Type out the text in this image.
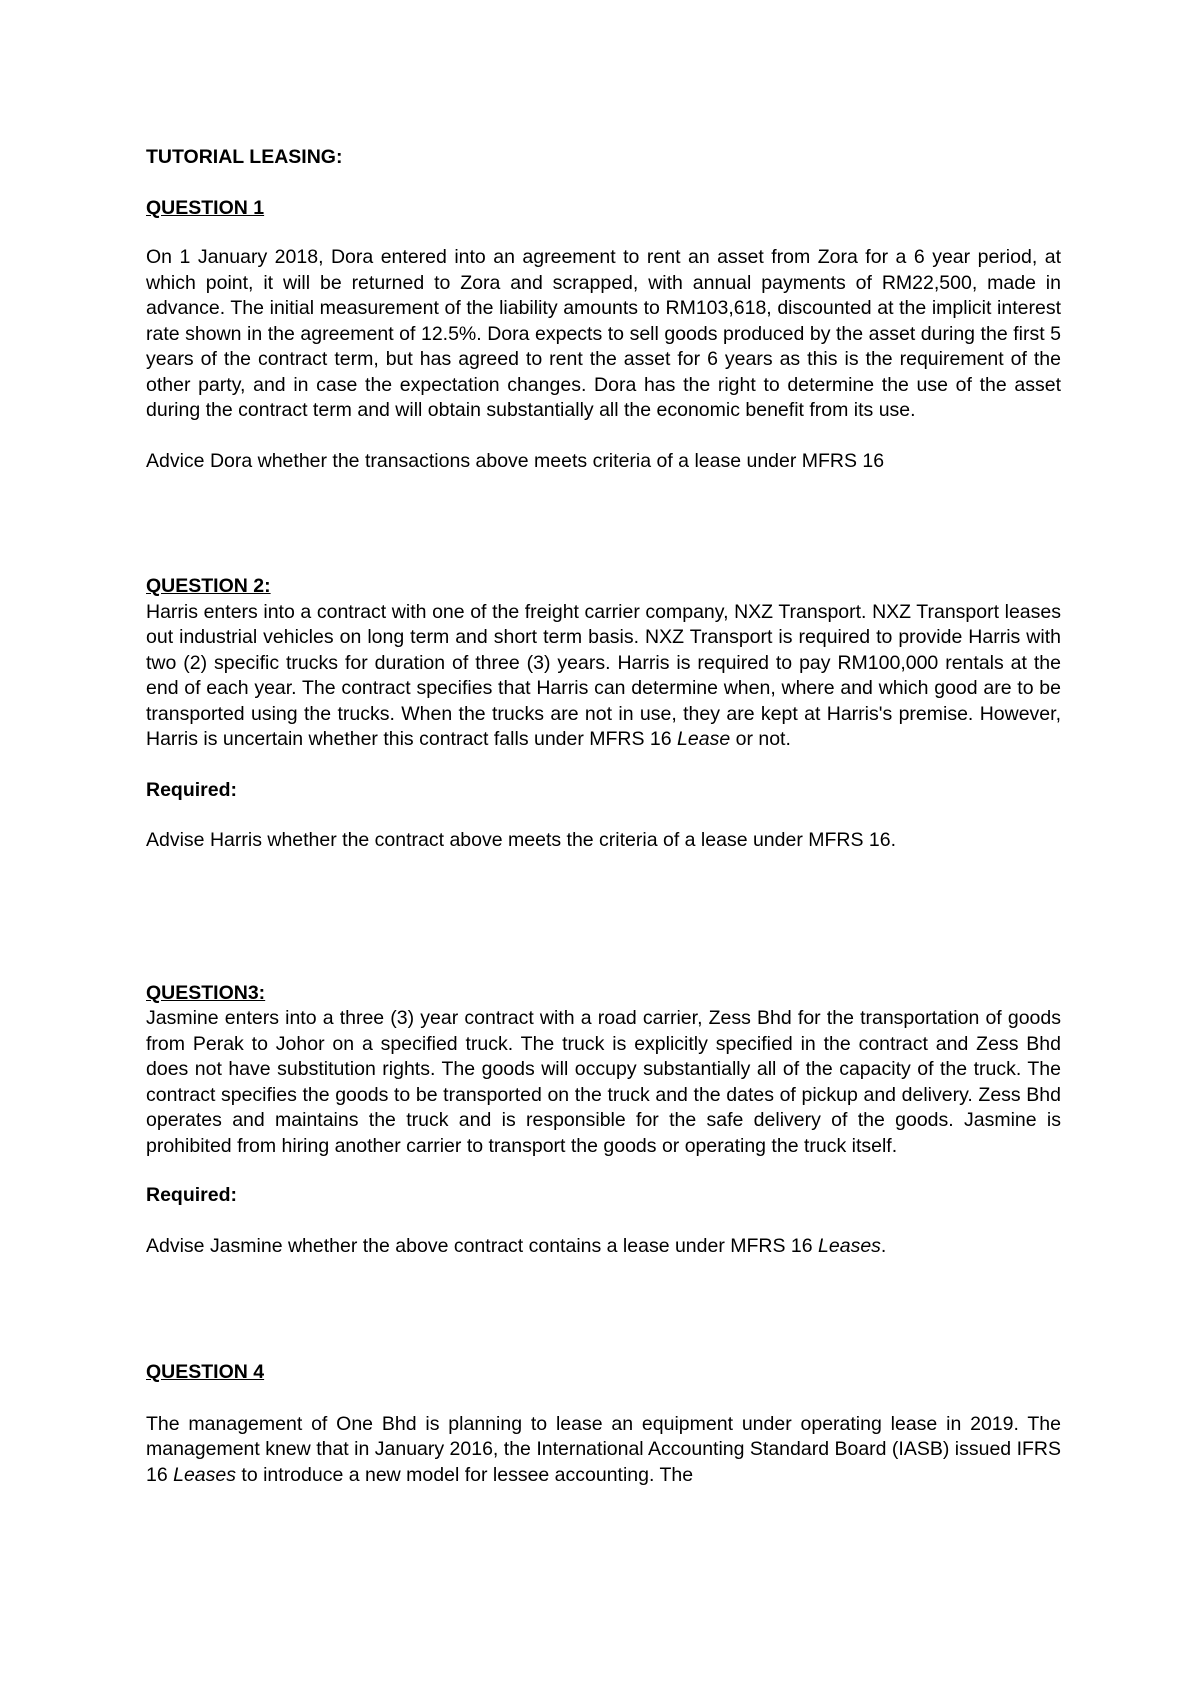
TUTORIAL LEASING:

QUESTION 1

On 1 January 2018, Dora entered into an agreement to rent an asset from Zora for a 6 year period, at which point, it will be returned to Zora and scrapped, with annual payments of RM22,500, made in advance. The initial measurement of the liability amounts to RM103,618, discounted at the implicit interest rate shown in the agreement of 12.5%. Dora expects to sell goods produced by the asset during the first 5 years of the contract term, but has agreed to rent the asset for 6 years as this is the requirement of the other party, and in case the expectation changes. Dora has the right to determine the use of the asset during the contract term and will obtain substantially all the economic benefit from its use.

Advice Dora whether the transactions above meets criteria of a lease under MFRS 16

QUESTION 2:

Harris enters into a contract with one of the freight carrier company, NXZ Transport. NXZ Transport leases out industrial vehicles on long term and short term basis. NXZ Transport is required to provide Harris with two (2) specific trucks for duration of three (3) years. Harris is required to pay RM100,000 rentals at the end of each year. The contract specifies that Harris can determine when, where and which good are to be transported using the trucks. When the trucks are not in use, they are kept at Harris's premise. However, Harris is uncertain whether this contract falls under MFRS 16 Lease or not.

Required:

Advise Harris whether the contract above meets the criteria of a lease under MFRS 16.

QUESTION3:

Jasmine enters into a three (3) year contract with a road carrier, Zess Bhd for the transportation of goods from Perak to Johor on a specified truck. The truck is explicitly specified in the contract and Zess Bhd does not have substitution rights. The goods will occupy substantially all of the capacity of the truck. The contract specifies the goods to be transported on the truck and the dates of pickup and delivery. Zess Bhd operates and maintains the truck and is responsible for the safe delivery of the goods. Jasmine is prohibited from hiring another carrier to transport the goods or operating the truck itself.

Required:

Advise Jasmine whether the above contract contains a lease under MFRS 16 Leases.

QUESTION 4

The management of One Bhd is planning to lease an equipment under operating lease in 2019. The management knew that in January 2016, the International Accounting Standard Board (IASB) issued IFRS 16 Leases to introduce a new model for lessee accounting. The
